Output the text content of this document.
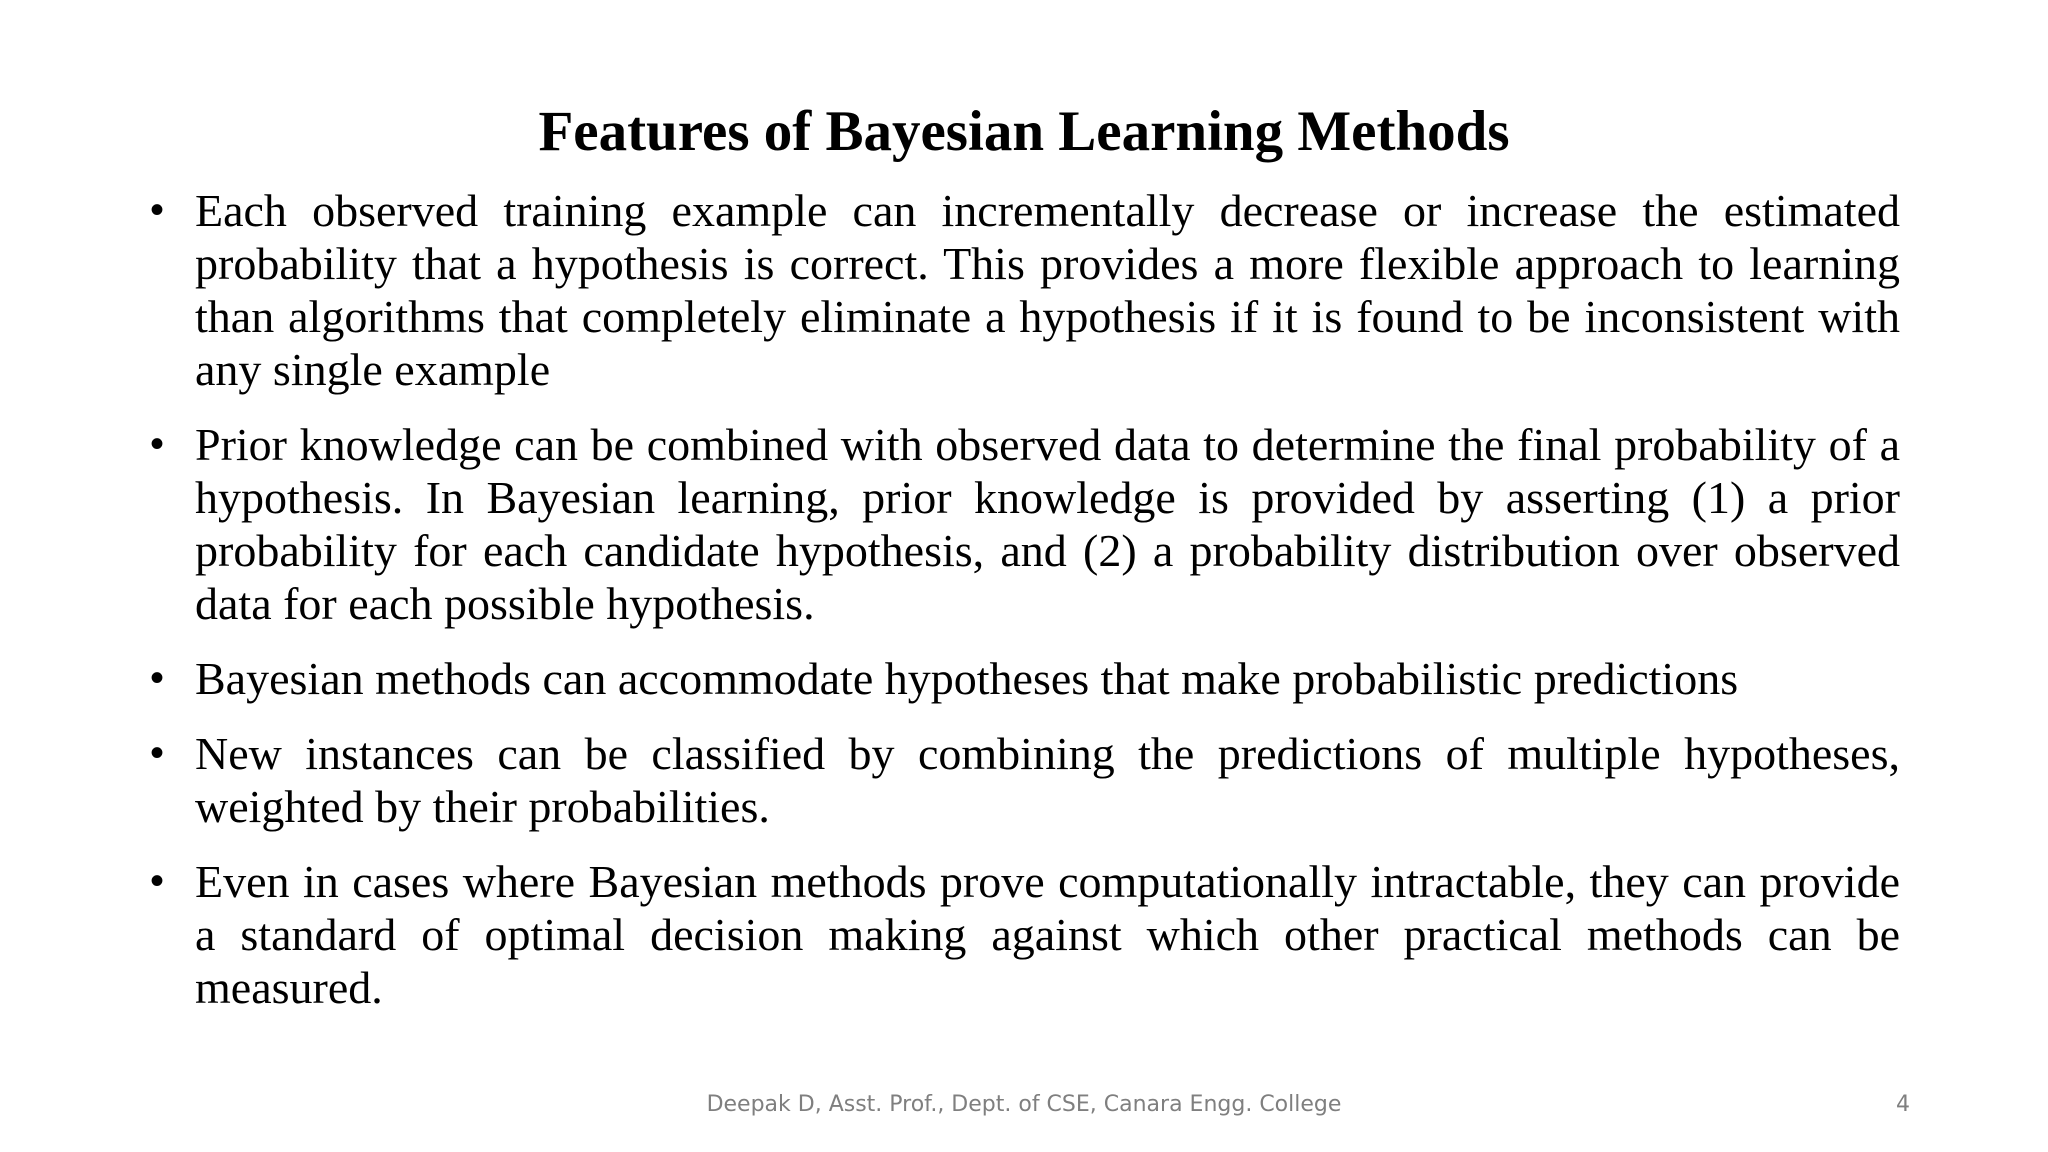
Features of Bayesian Learning Methods
• Each observed training example can incrementally decrease or increase the estimated probability that a hypothesis is correct. This provides a more flexible approach to learning than algorithms that completely eliminate a hypothesis if it is found to be inconsistent with any single example
• Prior knowledge can be combined with observed data to determine the final probability of a hypothesis. In Bayesian learning, prior knowledge is provided by asserting (1) a prior probability for each candidate hypothesis, and (2) a probability distribution over observed data for each possible hypothesis.
• Bayesian methods can accommodate hypotheses that make probabilistic predictions
• New instances can be classified by combining the predictions of multiple hypotheses, weighted by their probabilities.
• Even in cases where Bayesian methods prove computationally intractable, they can provide a standard of optimal decision making against which other practical methods can be measured.

Deepak D, Asst. Prof., Dept. of CSE, Canara Engg. College	4
